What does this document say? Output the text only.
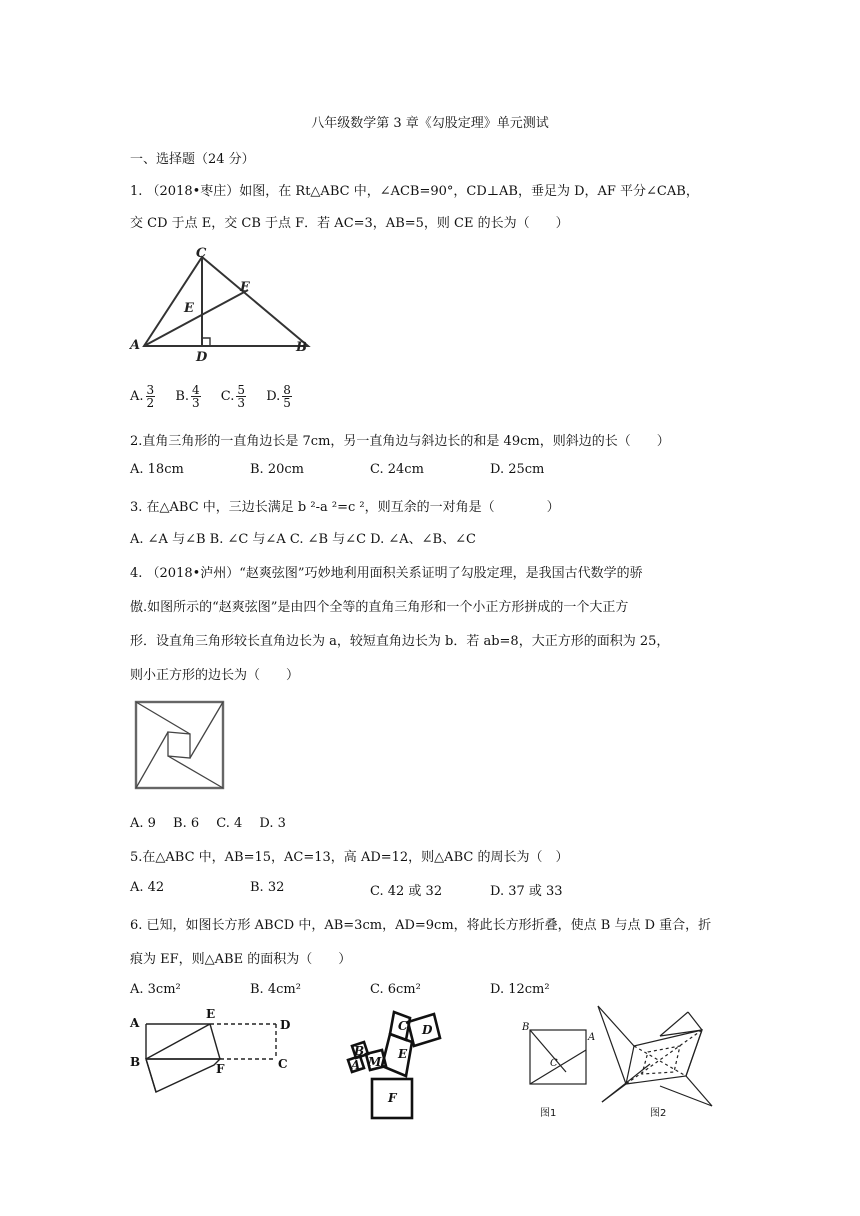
八年级数学第 3 章《勾股定理》单元测试
一、选择题（24 分）
1. （2018•枣庄）如图，在 Rt△ABC 中，∠ACB=90°，CD⊥AB，垂足为 D，AF 平分∠CAB，
交 CD 于点 E，交 CB 于点 F．若 AC=3，AB=5，则 CE 的长为（　　）
C
F
E
A
D
B
A. $\frac{3}{2} B$. $\frac{4}{3} C$. $\frac{5}{3} D$. $\frac{8}{5}$
2.直角三角形的一直角边长是 7cm，另一直角边与斜边长的和是 49cm，则斜边的长（　　）
A. 18cm	B. 20cm	C. 24cm	D. 25cm
3. 在△ABC 中，三边长满足 b ²-a ²=c ²，则互余的一对角是（　　　　）
A. ∠A 与∠B B. ∠C 与∠A C. ∠B 与∠C D. ∠A、∠B、∠C
4. （2018•泸州）“赵爽弦图”巧妙地利用面积关系证明了勾股定理，是我国古代数学的骄
傲.如图所示的“赵爽弦图”是由四个全等的直角三角形和一个小正方形拼成的一个大正方
形．设直角三角形较长直角边长为 a，较短直角边长为 b．若 ab=8，大正方形的面积为 25，
则小正方形的边长为（　　）
A. 9　 B. 6　 C. 4　 D. 3
5.在△ABC 中，AB=15，AC=13，高 AD=12，则△ABC 的周长为（　）
A. 42	B. 32	C. 42 或 32	D. 37 或 33
6. 已知，如图长方形 ABCD 中，AB=3cm，AD=9cm，将此长方形折叠，使点 B 与点 D 重合，折
痕为 EF，则△ABE 的面积为（　　）
A. 3cm²	B. 4cm²	C. 6cm²	D. 12cm²
A
E
D
B	F	C
F
E
C D
M
B
A
B
A
C
图1	图2
